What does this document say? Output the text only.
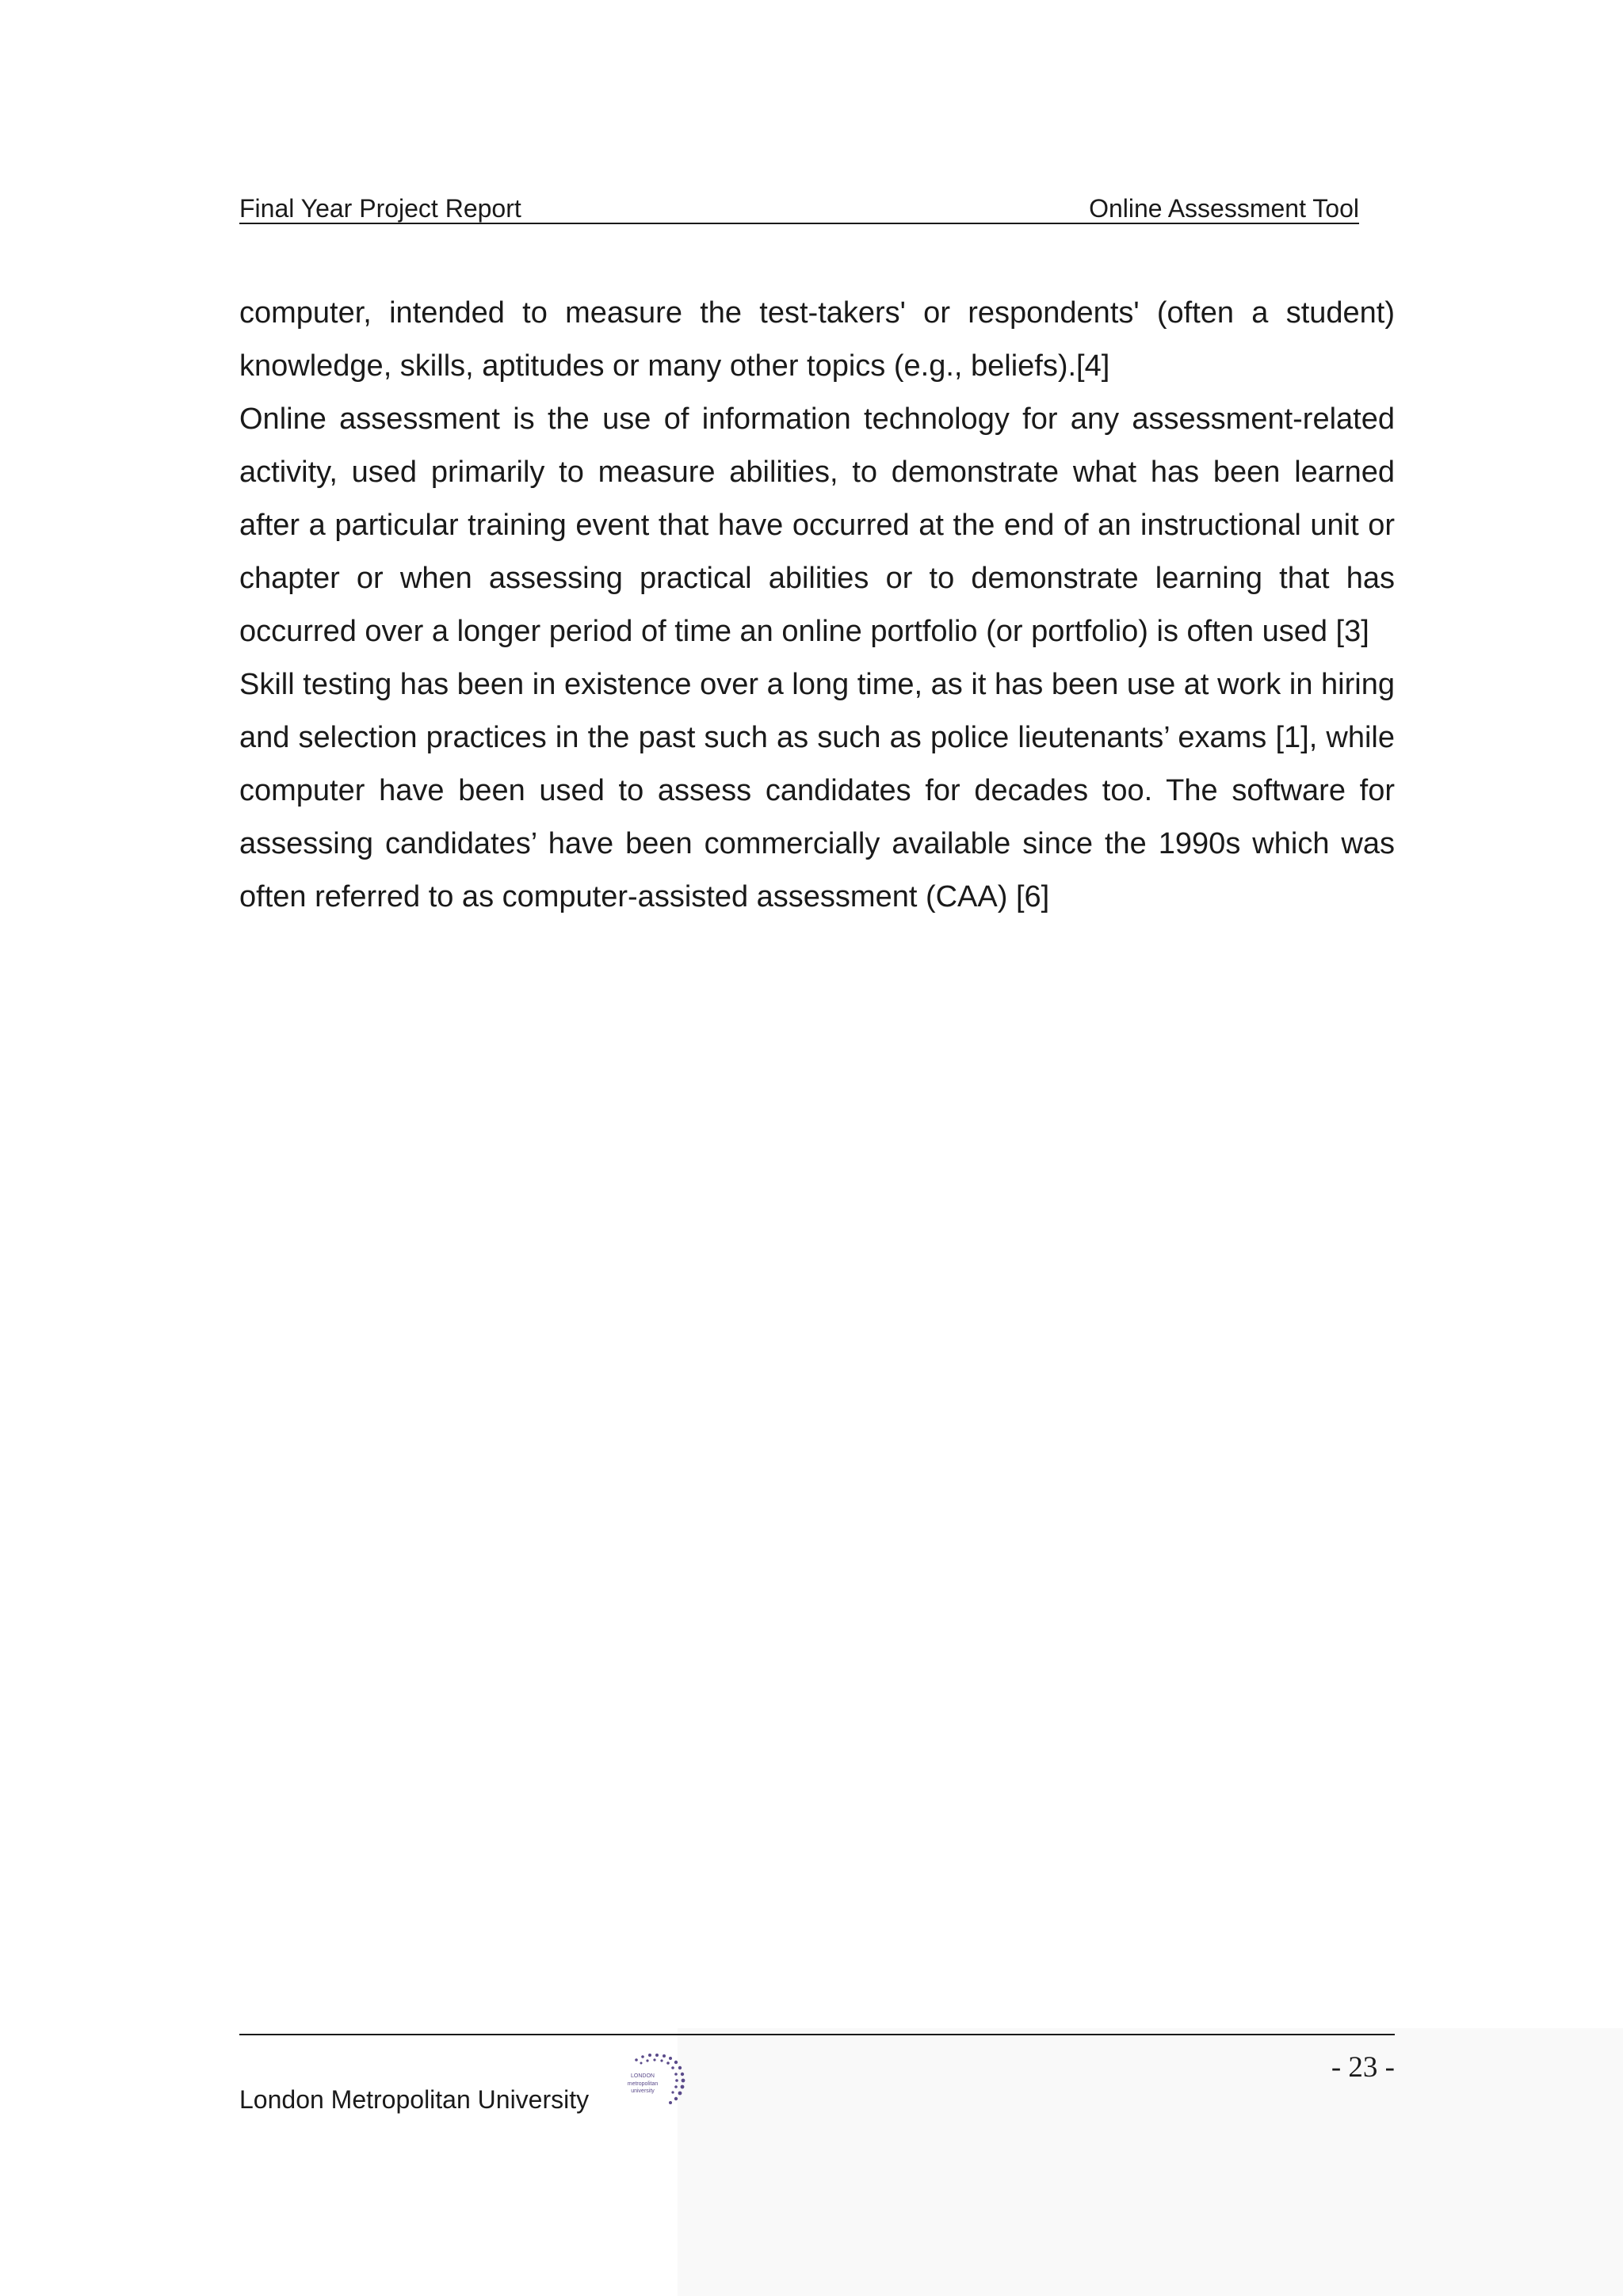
Final Year Project Report	Online Assessment Tool

computer, intended to measure the test-takers' or respondents' (often a student) knowledge, skills, aptitudes or many other topics (e.g., beliefs).[4]

Online assessment is the use of information technology for any assessment-related activity, used primarily to measure abilities, to demonstrate what has been learned after a particular training event that have occurred at the end of an instructional unit or chapter or when assessing practical abilities or to demonstrate learning that has occurred over a longer period of time an online portfolio (or portfolio) is often used [3]

Skill testing has been in existence over a long time, as it has been use at work in hiring and selection practices in the past such as such as police lieutenants’ exams [1], while computer have been used to assess candidates for decades too. The software for assessing candidates’ have been commercially available since the 1990s which was often referred to as computer-assisted assessment (CAA) [6]

- 23 -
London Metropolitan University
LONDON
metropolitan
university
